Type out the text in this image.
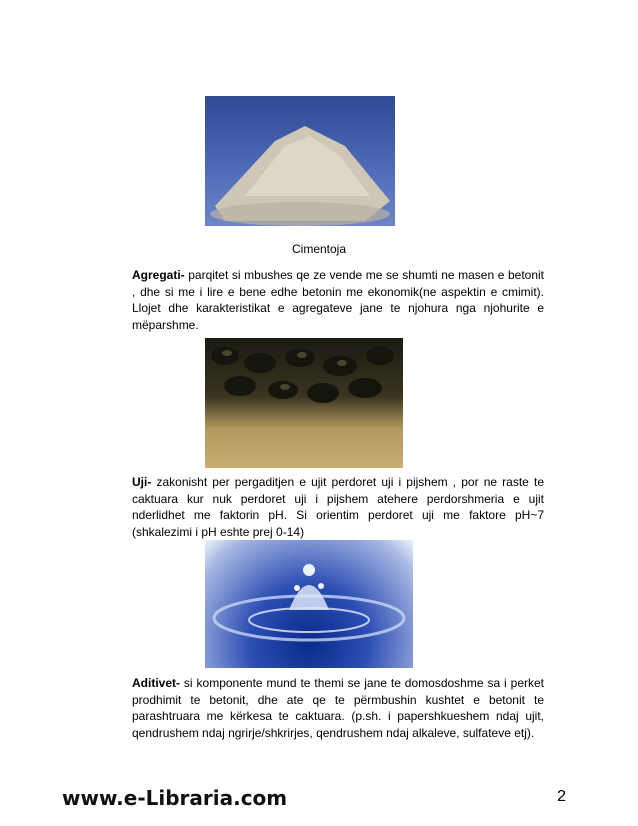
Cimentoja

Agregati- parqitet si mbushes qe ze vende me se shumti ne masen e betonit , dhe si me i lire e bene edhe betonin me ekonomik(ne aspektin e cmimit). Llojet dhe karakteristikat e agregateve jane te njohura nga njohurite e mëparshme.

Uji- zakonisht per pergaditjen e ujit perdoret uji i pijshem , por ne raste te caktuara kur nuk perdoret uji i pijshem atehere perdorshmeria e ujit nderlidhet me faktorin pH. Si orientim perdoret uji me faktore pH~7 (shkalezimi i pH eshte prej 0-14)

Aditivet- si komponente mund te themi se jane te domosdoshme sa i perket prodhimit te betonit, dhe ate qe te përmbushin kushtet e betonit te parashtruara me kërkesa te caktuara. (p.sh. i papershkueshem ndaj ujit, qendrushem ndaj ngrirje/shkrirjes, qendrushem ndaj alkaleve, sulfateve etj).

www.e-Libraria.com	2
